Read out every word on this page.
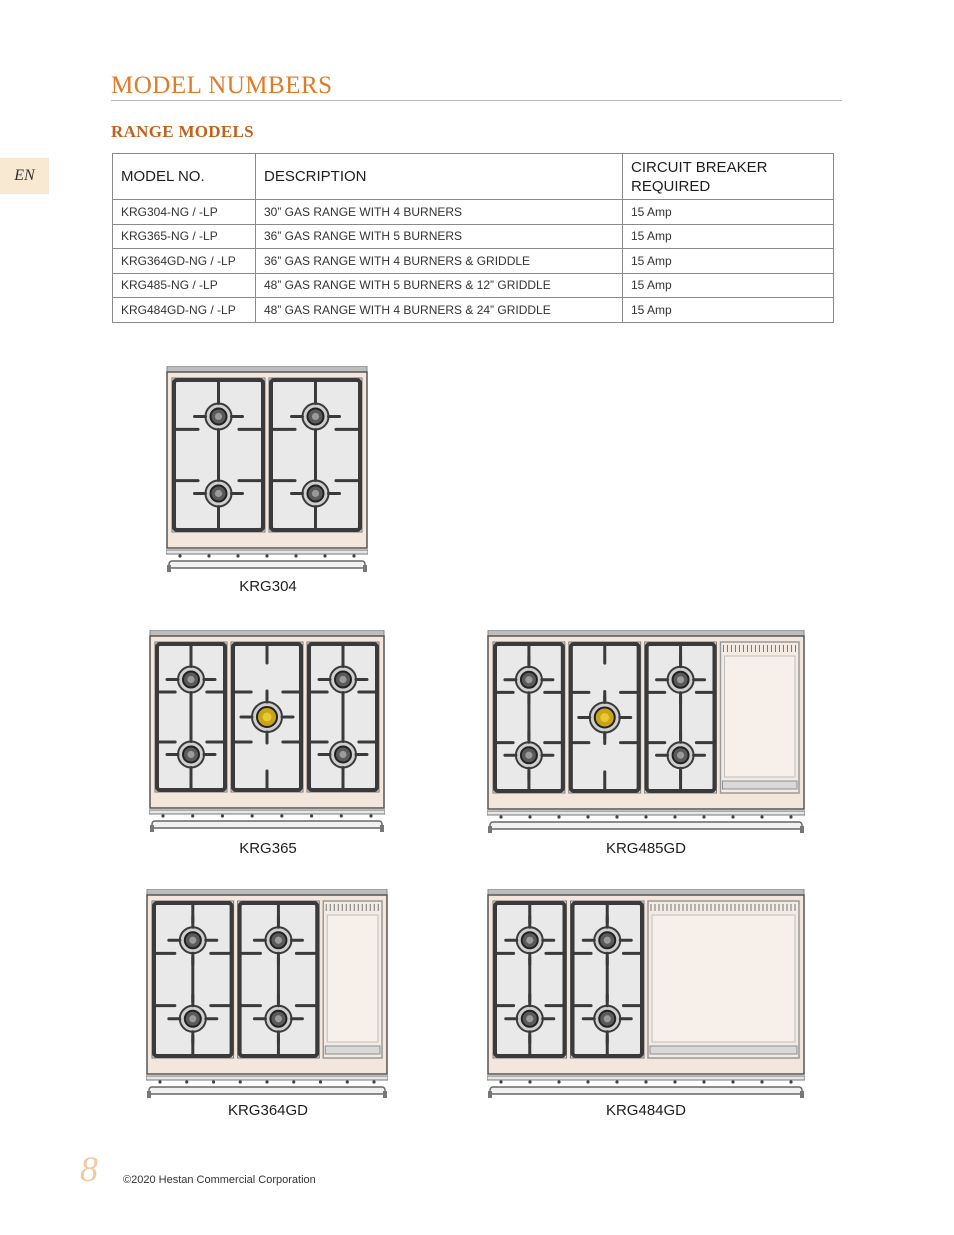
MODEL NUMBERS
RANGE MODELS
EN	MODEL NO.	DESCRIPTION	CIRCUIT BREAKER REQUIRED
KRG304-NG / -LP	30” GAS RANGE WITH 4 BURNERS	15 Amp
KRG365-NG / -LP	36” GAS RANGE WITH 5 BURNERS	15 Amp
KRG364GD-NG / -LP	36” GAS RANGE WITH 4 BURNERS & GRIDDLE	15 Amp
KRG485-NG / -LP	48” GAS RANGE WITH 5 BURNERS & 12” GRIDDLE	15 Amp
KRG484GD-NG / -LP	48” GAS RANGE WITH 4 BURNERS & 24” GRIDDLE	15 Amp
KRG304
KRG365	KRG485GD
KRG364GD	KRG484GD
8 ©2020 Hestan Commercial Corporation
